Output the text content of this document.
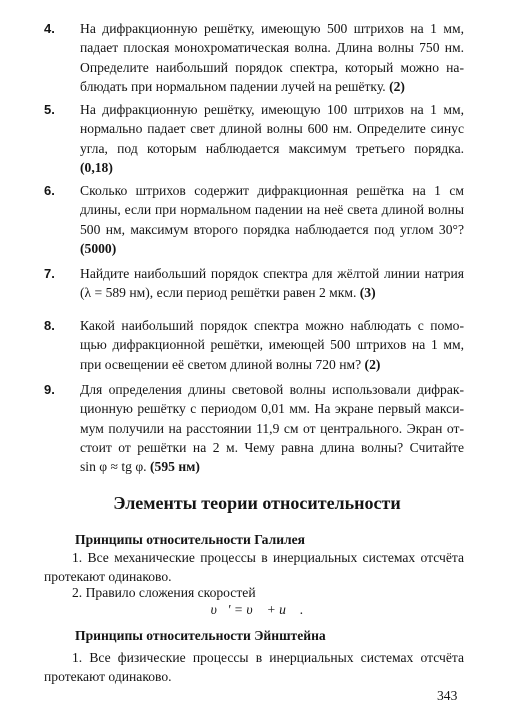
4. На дифракционную решётку, имеющую 500 штрихов на 1 мм,
падает плоская монохроматическая волна. Длина волны 750 нм.
Определите наибольший порядок спектра, который можно на-
блюдать при нормальном падении лучей на решётку. (2)
5. На дифракционную решётку, имеющую 100 штрихов на 1 мм,
нормально падает свет длиной волны 600 нм. Определите синус
угла, под которым наблюдается максимум третьего порядка.
(0,18)
6. Сколько штрихов содержит дифракционная решётка на 1 см
длины, если при нормальном падении на неё света длиной волны
500 нм, максимум второго порядка наблюдается под углом 30°?
(5000)
7. Найдите наибольший порядок спектра для жёлтой линии натрия
(λ = 589 нм), если период решётки равен 2 мкм. (3)
8. Какой наибольший порядок спектра можно наблюдать с помо-
щью дифракционной решётки, имеющей 500 штрихов на 1 мм,
при освещении её светом длиной волны 720 нм? (2)
9. Для определения длины световой волны использовали дифрак-
ционную решётку с периодом 0,01 мм. На экране первый макси-
мум получили на расстоянии 11,9 см от центрального. Экран от-
стоит от решётки на 2 м. Чему равна длина волны? Считайте
sin φ ≈ tg φ. (595 нм)
Элементы теории относительности
Принципы относительности Галилея
1. Все механические процессы в инерциальных системах отсчёта
протекают одинаково.
2. Правило сложения скоростей
υ⃗′ = υ⃗ + u⃗ .
Принципы относительности Эйнштейна
1. Все физические процессы в инерциальных системах отсчёта
протекают одинаково.
343
